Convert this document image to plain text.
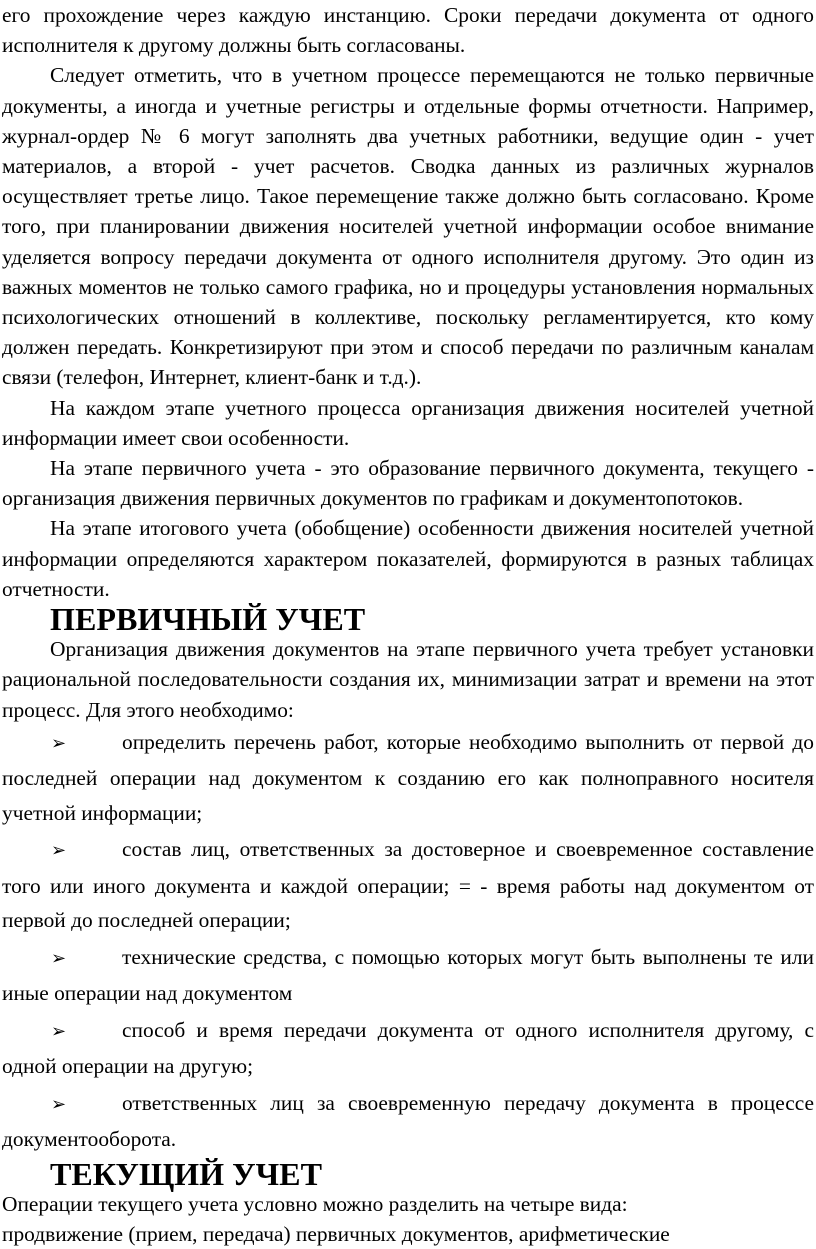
его прохождение через каждую инстанцию. Сроки передачи документа от одного исполнителя к другому должны быть согласованы.

Следует отметить, что в учетном процессе перемещаются не только первичные документы, а иногда и учетные регистры и отдельные формы отчетности. Например, журнал-ордер № 6 могут заполнять два учетных работники, ведущие один - учет материалов, а второй - учет расчетов. Сводка данных из различных журналов осуществляет третье лицо. Такое перемещение также должно быть согласовано. Кроме того, при планировании движения носителей учетной информации особое внимание уделяется вопросу передачи документа от одного исполнителя другому. Это один из важных моментов не только самого графика, но и процедуры установления нормальных психологических отношений в коллективе, поскольку регламентируется, кто кому должен передать. Конкретизируют при этом и способ передачи по различным каналам связи (телефон, Интернет, клиент-банк и т.д.).

На каждом этапе учетного процесса организация движения носителей учетной информации имеет свои особенности.

На этапе первичного учета - это образование первичного документа, текущего - организация движения первичных документов по графикам и документопотоков.

На этапе итогового учета (обобщение) особенности движения носителей учетной информации определяются характером показателей, формируются в разных таблицах отчетности.

ПЕРВИЧНЫЙ УЧЕТ

Организация движения документов на этапе первичного учета требует установки рациональной последовательности создания их, минимизации затрат и времени на этот процесс. Для этого необходимо:

➢	определить перечень работ, которые необходимо выполнить от первой до последней операции над документом к созданию его как полноправного носителя учетной информации;

➢	состав лиц, ответственных за достоверное и своевременное составление того или иного документа и каждой операции; = - время работы над документом от первой до последней операции;

➢	технические средства, с помощью которых могут быть выполнены те или иные операции над документом

➢	способ и время передачи документа от одного исполнителя другому, с одной операции на другую;

➢	ответственных лиц за своевременную передачу документа в процессе документооборота.

ТЕКУЩИЙ УЧЕТ

Операции текущего учета условно можно разделить на четыре вида:

продвижение (прием, передача) первичных документов, арифметические
